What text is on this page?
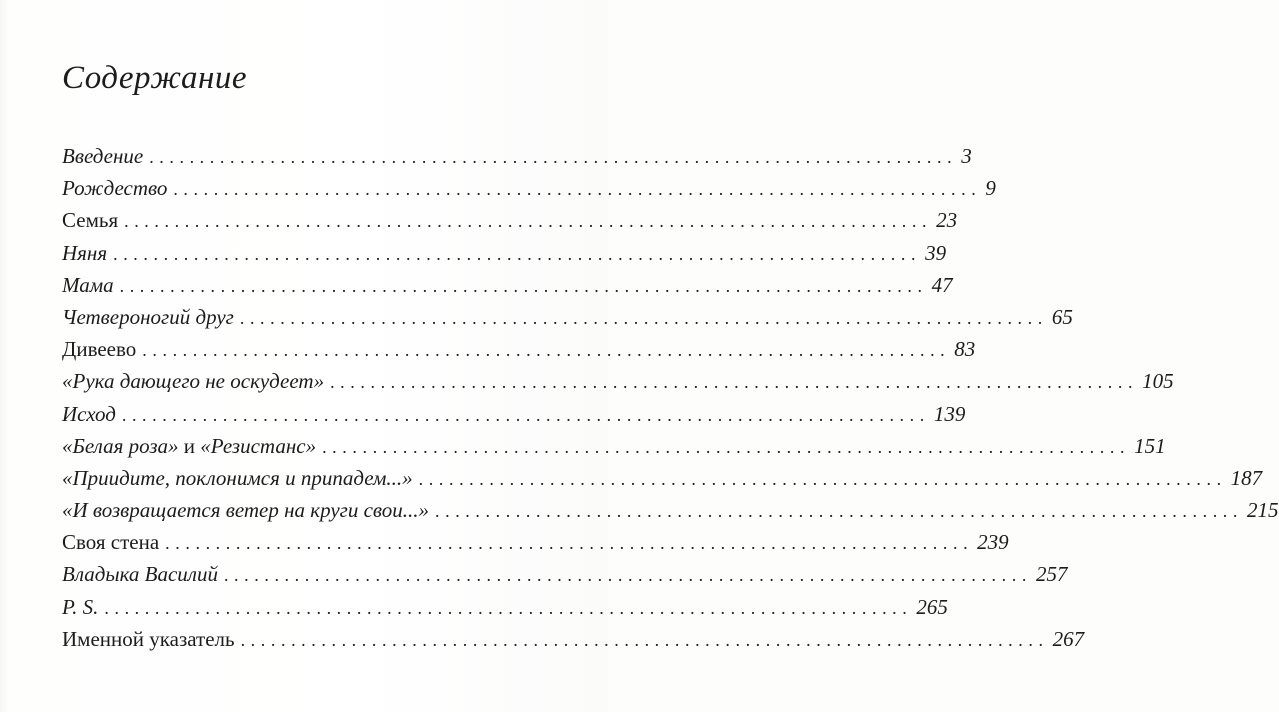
Содержание
Введение ................................................................................ 3
Рождество ................................................................................ 9
Семья ................................................................................ 23
Няня ................................................................................ 39
Мама ................................................................................ 47
Четвероногий друг ................................................................................ 65
Дивеево ................................................................................ 83
«Рука дающего не оскудеет» ................................................................................ 105
Исход ................................................................................ 139
«Белая роза» и «Резистанс» ................................................................................ 151
«Приидите, поклонимся и припадем...» ................................................................................ 187
«И возвращается ветер на круги свои...» ................................................................................ 215
Своя стена ................................................................................ 239
Владыка Василий ................................................................................ 257
P. S. ................................................................................ 265
Именной указатель ................................................................................ 267
